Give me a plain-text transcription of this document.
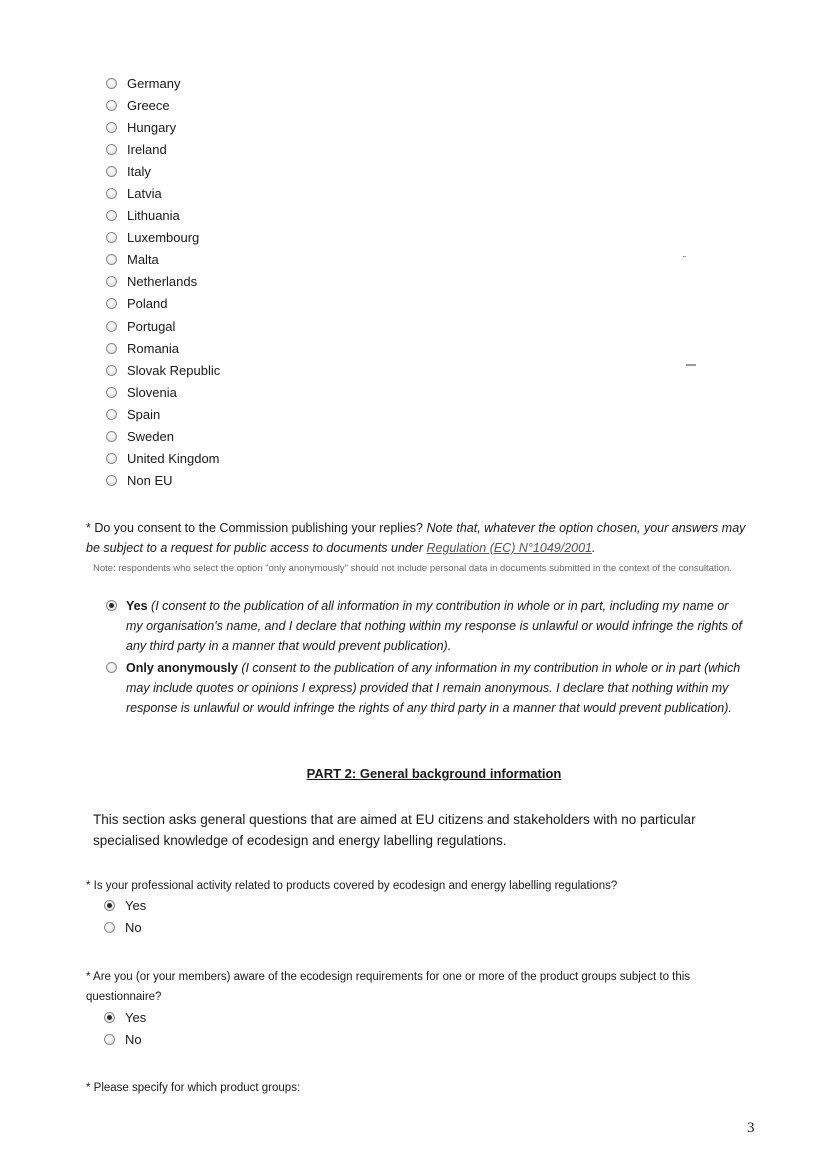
Germany
Greece
Hungary
Ireland
Italy
Latvia
Lithuania
Luxembourg
Malta
Netherlands
Poland
Portugal
Romania
Slovak Republic
Slovenia
Spain
Sweden
United Kingdom
Non EU
* Do you consent to the Commission publishing your replies? Note that, whatever the option chosen, your answers may be subject to a request for public access to documents under Regulation (EC) N°1049/2001.
Note: respondents who select the option "only anonymously" should not include personal data in documents submitted in the context of the consultation.
Yes (I consent to the publication of all information in my contribution in whole or in part, including my name or my organisation's name, and I declare that nothing within my response is unlawful or would infringe the rights of any third party in a manner that would prevent publication).
Only anonymously (I consent to the publication of any information in my contribution in whole or in part (which may include quotes or opinions I express) provided that I remain anonymous. I declare that nothing within my response is unlawful or would infringe the rights of any third party in a manner that would prevent publication).
PART 2: General background information
This section asks general questions that are aimed at EU citizens and stakeholders with no particular specialised knowledge of ecodesign and energy labelling regulations.
* Is your professional activity related to products covered by ecodesign and energy labelling regulations?
Yes
No
* Are you (or your members) aware of the ecodesign requirements for one or more of the product groups subject to this questionnaire?
Yes
No
* Please specify for which product groups:
3
